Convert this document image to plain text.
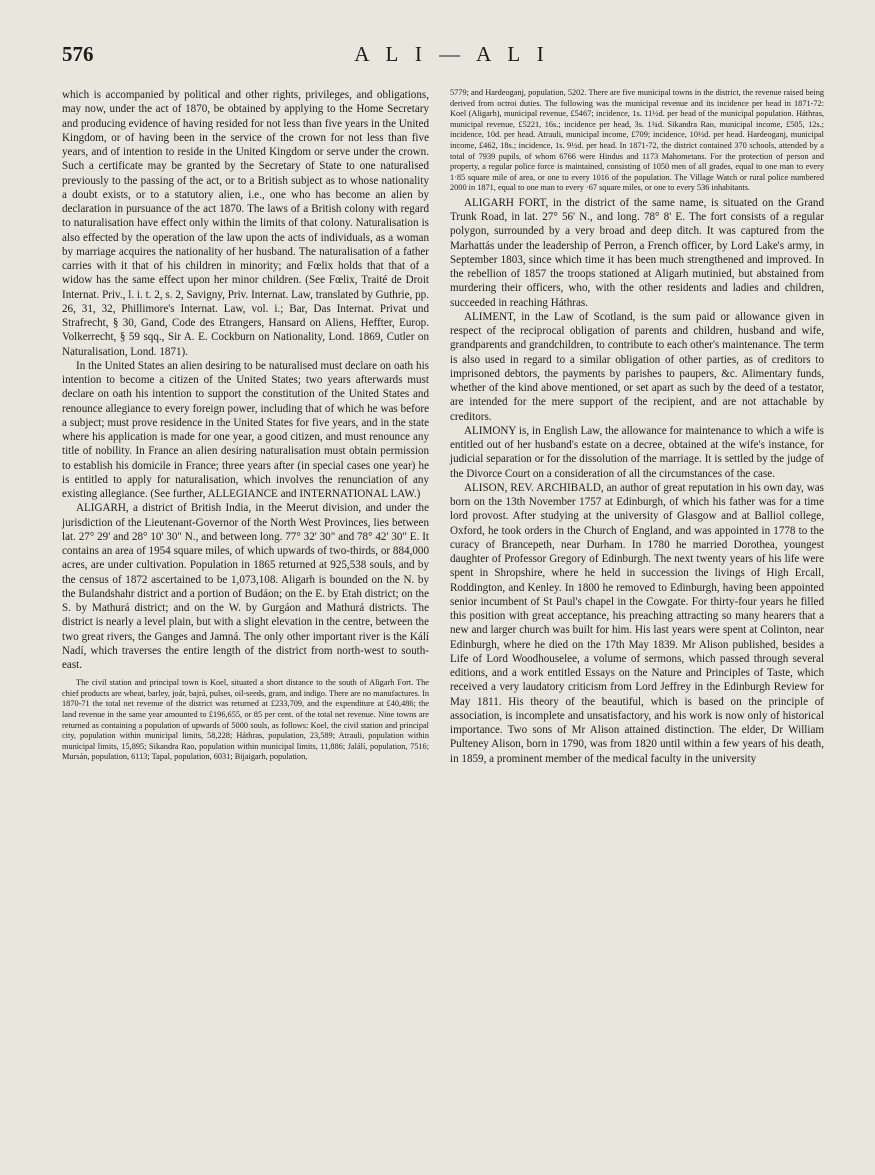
576	A L I — A L I

which is accompanied by political and other rights, privileges, and obligations, may now, under the act of 1870, be obtained by applying to the Home Secretary and producing evidence of having resided for not less than five years in the United Kingdom, or of having been in the service of the crown for not less than five years, and of intention to reside in the United Kingdom or serve under the crown. Such a certificate may be granted by the Secretary of State to one naturalised previously to the passing of the act, or to a British subject as to whose nationality a doubt exists, or to a statutory alien, i.e., one who has become an alien by declaration in pursuance of the act 1870. The laws of a British colony with regard to naturalisation have effect only within the limits of that colony. Naturalisation is also effected by the operation of the law upon the acts of individuals, as a woman by marriage acquires the nationality of her husband. The naturalisation of a father carries with it that of his children in minority; and Fœlix holds that that of a widow has the same effect upon her minor children. (See Fœlix, Traité de Droit Internat. Priv., l. i. t. 2, s. 2, Savigny, Priv. Internat. Law, translated by Guthrie, pp. 26, 31, 32, Phillimore's Internat. Law, vol. i.; Bar, Das Internat. Privat und Strafrecht, § 30, Gand, Code des Etrangers, Hansard on Aliens, Heffter, Europ. Volkerrecht, § 59 sqq., Sir A. E. Cockburn on Nationality, Lond. 1869, Cutler on Naturalisation, Lond. 1871).

In the United States an alien desiring to be naturalised must declare on oath his intention to become a citizen of the United States; two years afterwards must declare on oath his intention to support the constitution of the United States and renounce allegiance to every foreign power, including that of which he was before a subject; must prove residence in the United States for five years, and in the state where his application is made for one year, a good citizen, and must renounce any title of nobility. In France an alien desiring naturalisation must obtain permission to establish his domicile in France; three years after (in special cases one year) he is entitled to apply for naturalisation, which involves the renunciation of any existing allegiance. (See further, ALLEGIANCE and INTERNATIONAL LAW.)

ALIGARH, a district of British India, in the Meerut division, and under the jurisdiction of the Lieutenant-Governor of the North West Provinces, lies between lat. 27° 29' and 28° 10' 30" N., and between long. 77° 32' 30" and 78° 42' 30" E. It contains an area of 1954 square miles, of which upwards of two-thirds, or 884,000 acres, are under cultivation. Population in 1865 returned at 925,538 souls, and by the census of 1872 ascertained to be 1,073,108. Aligarh is bounded on the N. by the Bulandshahr district and a portion of Budáon; on the E. by Etah district; on the S. by Mathurá district; and on the W. by Gurgáon and Mathurá districts. The district is nearly a level plain, but with a slight elevation in the centre, between the two great rivers, the Ganges and Jamná. The only other important river is the Kálí Nadí, which traverses the entire length of the district from north-west to south-east.

The civil station and principal town is Koel, situated a short distance to the south of Aligarh Fort. The chief products are wheat, barley, joár, bajrá, pulses, oil-seeds, gram, and indigo. There are no manufactures. In 1870-71 the total net revenue of the district was returned at £233,709, and the expenditure at £40,486; the land revenue in the same year amounted to £196,655, or 85 per cent. of the total net revenue. Nine towns are returned as containing a population of upwards of 5000 souls, as follows: Koel, the civil station and principal city, population within municipal limits, 58,228; Háthras, population, 23,589; Atrauli, population within municipal limits, 15,895; Sikandra Rao, population within municipal limits, 11,886; Jalálí, population, 7516; Mursán, population, 6113; Tapal, population, 6031; Bijaigarh, population,

5779; and Hardeoganj, population, 5202. There are five municipal towns in the district, the revenue raised being derived from octroi duties. The following was the municipal revenue and its incidence per head in 1871-72: Koel (Aligarh), municipal revenue, £5467; incidence, 1s. 11½d. per head of the municipal population. Háthras, municipal revenue, £5221, 16s.; incidence per head, 3s. 1¾d. Sikandra Rao, municipal income, £505, 12s.; incidence, 10d. per head. Atrauli, municipal income, £709; incidence, 10½d. per head. Hardeoganj, municipal income, £462, 18s.; incidence, 1s. 9½d. per head. In 1871-72, the district contained 370 schools, attended by a total of 7939 pupils, of whom 6766 were Hindus and 1173 Mahometans. For the protection of person and property, a regular police force is maintained, consisting of 1050 men of all grades, equal to one man to every 1·85 square mile of area, or one to every 1016 of the population. The Village Watch or rural police numbered 2000 in 1871, equal to one man to every ·67 square miles, or one to every 536 inhabitants.

ALIGARH FORT, in the district of the same name, is situated on the Grand Trunk Road, in lat. 27° 56' N., and long. 78° 8' E. The fort consists of a regular polygon, surrounded by a very broad and deep ditch. It was captured from the Marhattás under the leadership of Perron, a French officer, by Lord Lake's army, in September 1803, since which time it has been much strengthened and improved. In the rebellion of 1857 the troops stationed at Aligarh mutinied, but abstained from murdering their officers, who, with the other residents and ladies and children, succeeded in reaching Háthras.

ALIMENT, in the Law of Scotland, is the sum paid or allowance given in respect of the reciprocal obligation of parents and children, husband and wife, grandparents and grandchildren, to contribute to each other's maintenance. The term is also used in regard to a similar obligation of other parties, as of creditors to imprisoned debtors, the payments by parishes to paupers, &c. Alimentary funds, whether of the kind above mentioned, or set apart as such by the deed of a testator, are intended for the mere support of the recipient, and are not attachable by creditors.

ALIMONY is, in English Law, the allowance for maintenance to which a wife is entitled out of her husband's estate on a decree, obtained at the wife's instance, for judicial separation or for the dissolution of the marriage. It is settled by the judge of the Divorce Court on a consideration of all the circumstances of the case.

ALISON, REV. ARCHIBALD, an author of great reputation in his own day, was born on the 13th November 1757 at Edinburgh, of which his father was for a time lord provost. After studying at the university of Glasgow and at Balliol college, Oxford, he took orders in the Church of England, and was appointed in 1778 to the curacy of Brancepeth, near Durham. In 1780 he married Dorothea, youngest daughter of Professor Gregory of Edinburgh. The next twenty years of his life were spent in Shropshire, where he held in succession the livings of High Ercall, Roddington, and Kenley. In 1800 he removed to Edinburgh, having been appointed senior incumbent of St Paul's chapel in the Cowgate. For thirty-four years he filled this position with great acceptance, his preaching attracting so many hearers that a new and larger church was built for him. His last years were spent at Colinton, near Edinburgh, where he died on the 17th May 1839. Mr Alison published, besides a Life of Lord Woodhouselee, a volume of sermons, which passed through several editions, and a work entitled Essays on the Nature and Principles of Taste, which received a very laudatory criticism from Lord Jeffrey in the Edinburgh Review for May 1811. His theory of the beautiful, which is based on the principle of association, is incomplete and unsatisfactory, and his work is now only of historical importance. Two sons of Mr Alison attained distinction. The elder, Dr William Pulteney Alison, born in 1790, was from 1820 until within a few years of his death, in 1859, a prominent member of the medical faculty in the university
